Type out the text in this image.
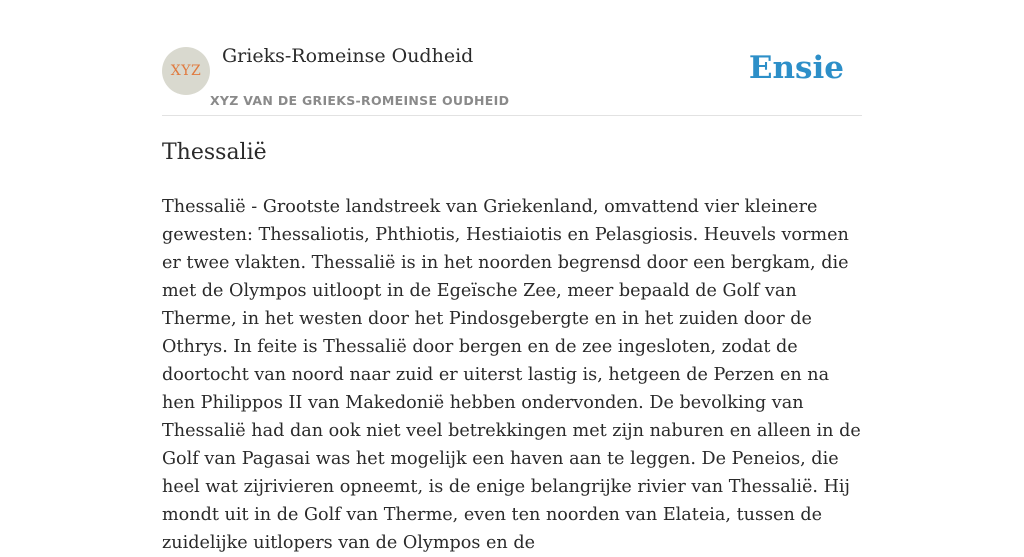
XYZ
Grieks-Romeinse Oudheid
XYZ VAN DE GRIEKS-ROMEINSE OUDHEID
Ensie
Thessalië

Thessalië - Grootste landstreek van Griekenland, omvattend vier kleinere gewesten: Thessaliotis, Phthiotis, Hestiaiotis en Pelasgiosis. Heuvels vormen er twee vlakten. Thessalië is in het noorden begrensd door een bergkam, die met de Olympos uitloopt in de Egeïsche Zee, meer bepaald de Golf van Therme, in het westen door het Pindosgebergte en in het zuiden door de Othrys. In feite is Thessalië door bergen en de zee ingesloten, zodat de doortocht van noord naar zuid er uiterst lastig is, hetgeen de Perzen en na hen Philippos II van Makedonië hebben ondervonden. De bevolking van Thessalië had dan ook niet veel betrekkingen met zijn naburen en alleen in de Golf van Pagasai was het mogelijk een haven aan te leggen. De Peneios, die heel wat zijrivieren opneemt, is de enige belangrijke rivier van Thessalië. Hij mondt uit in de Golf van Therme, even ten noorden van Elateia, tussen de zuidelijke uitlopers van de Olympos en de
